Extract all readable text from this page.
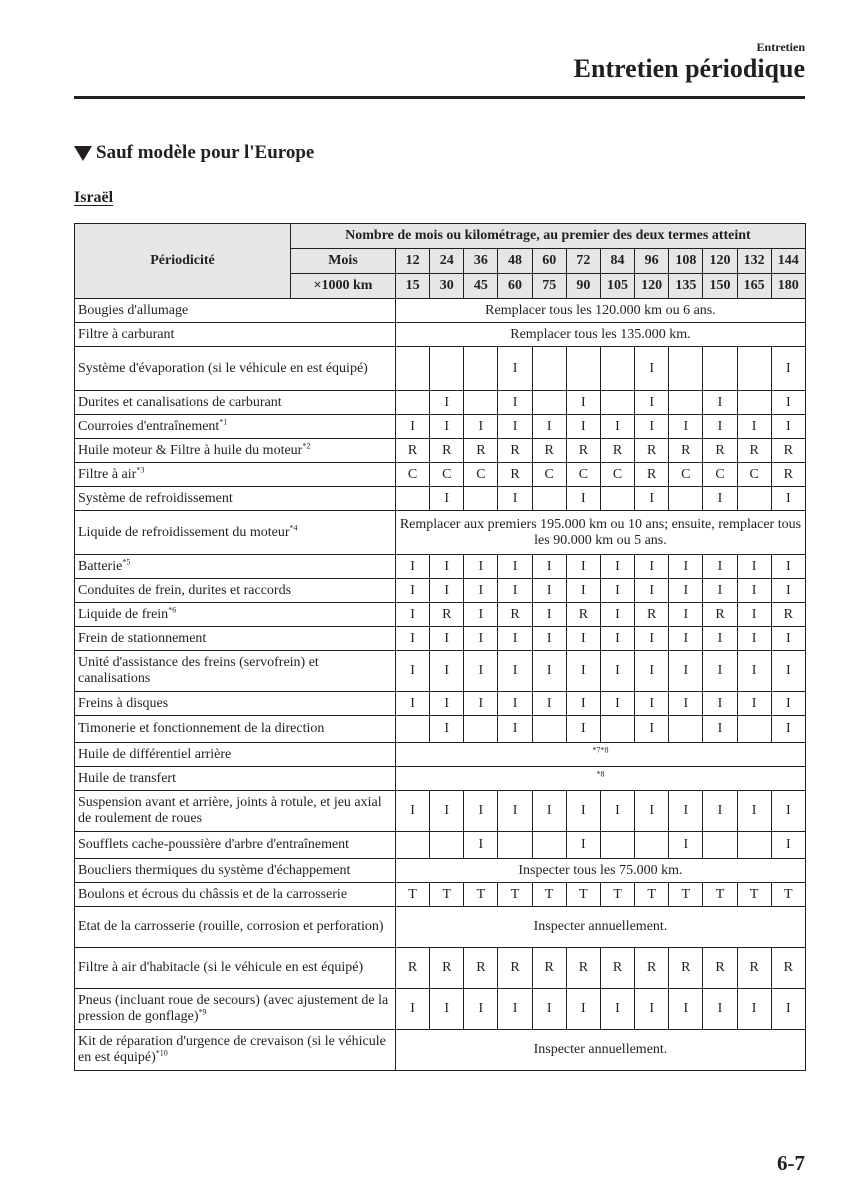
Entretien
Entretien périodique
Sauf modèle pour l'Europe
Israël
Périodicité	Nombre de mois ou kilométrage, au premier des deux termes atteint												
	Mois	12	24	36	48	60	72	84	96	108	120	132	144
	×1000 km	15	30	45	60	75	90	105	120	135	150	165	180
Bougies d'allumage		Remplacer tous les 120.000 km ou 6 ans.											
Filtre à carburant		Remplacer tous les 135.000 km.											
Système d'évaporation (si le véhicule en est équipé)					I				I				I
Durites et canalisations de carburant			I		I		I		I		I		I
Courroies d'entraînement$^{*1}$		I	I	I	I	I	I	I	I	I	I	I	I
Huile moteur & Filtre à huile du moteur$^{*2}$		R	R	R	R	R	R	R	R	R	R	R	R
Filtre à air$^{*3}$		C	C	C	R	C	C	C	R	C	C	C	R
Système de refroidissement			I		I		I		I		I		I
Liquide de refroidissement du moteur$^{*4}$		Remplacer aux premiers 195.000 km ou 10 ans; ensuite, remplacer tous les 90.000 km ou 5 ans.											
Batterie$^{*5}$		I	I	I	I	I	I	I	I	I	I	I	I
Conduites de frein, durites et raccords		I	I	I	I	I	I	I	I	I	I	I	I
Liquide de frein$^{*6}$		I	R	I	R	I	R	I	R	I	R	I	R
Frein de stationnement		I	I	I	I	I	I	I	I	I	I	I	I
Unité d'assistance des freins (servofrein) et canalisations		I	I	I	I	I	I	I	I	I	I	I	I
Freins à disques		I	I	I	I	I	I	I	I	I	I	I	I
Timonerie et fonctionnement de la direction			I		I		I		I		I		I
Huile de différentiel arrière		$^{*7*8}$
Huile de transfert		$^{*8}$
Suspension avant et arrière, joints à rotule, et jeu axial de roulement de roues		I	I	I	I	I	I	I	I	I	I	I	I
Soufflets cache-poussière d'arbre d'entraînement				I			I			I			I
Boucliers thermiques du système d'échappement		Inspecter tous les 75.000 km.											
Boulons et écrous du châssis et de la carrosserie		T	T	T	T	T	T	T	T	T	T	T	T
Etat de la carrosserie (rouille, corrosion et perforation)		Inspecter annuellement.											
Filtre à air d'habitacle (si le véhicule en est équipé)		R	R	R	R	R	R	R	R	R	R	R	R
Pneus (incluant roue de secours) (avec ajustement de la pression de gonflage)$^{*9}$		I	I	I	I	I	I	I	I	I	I	I	I
Kit de réparation d'urgence de crevaison (si le véhicule en est équipé)$^{*10}$		Inspecter annuellement.											
6-7
